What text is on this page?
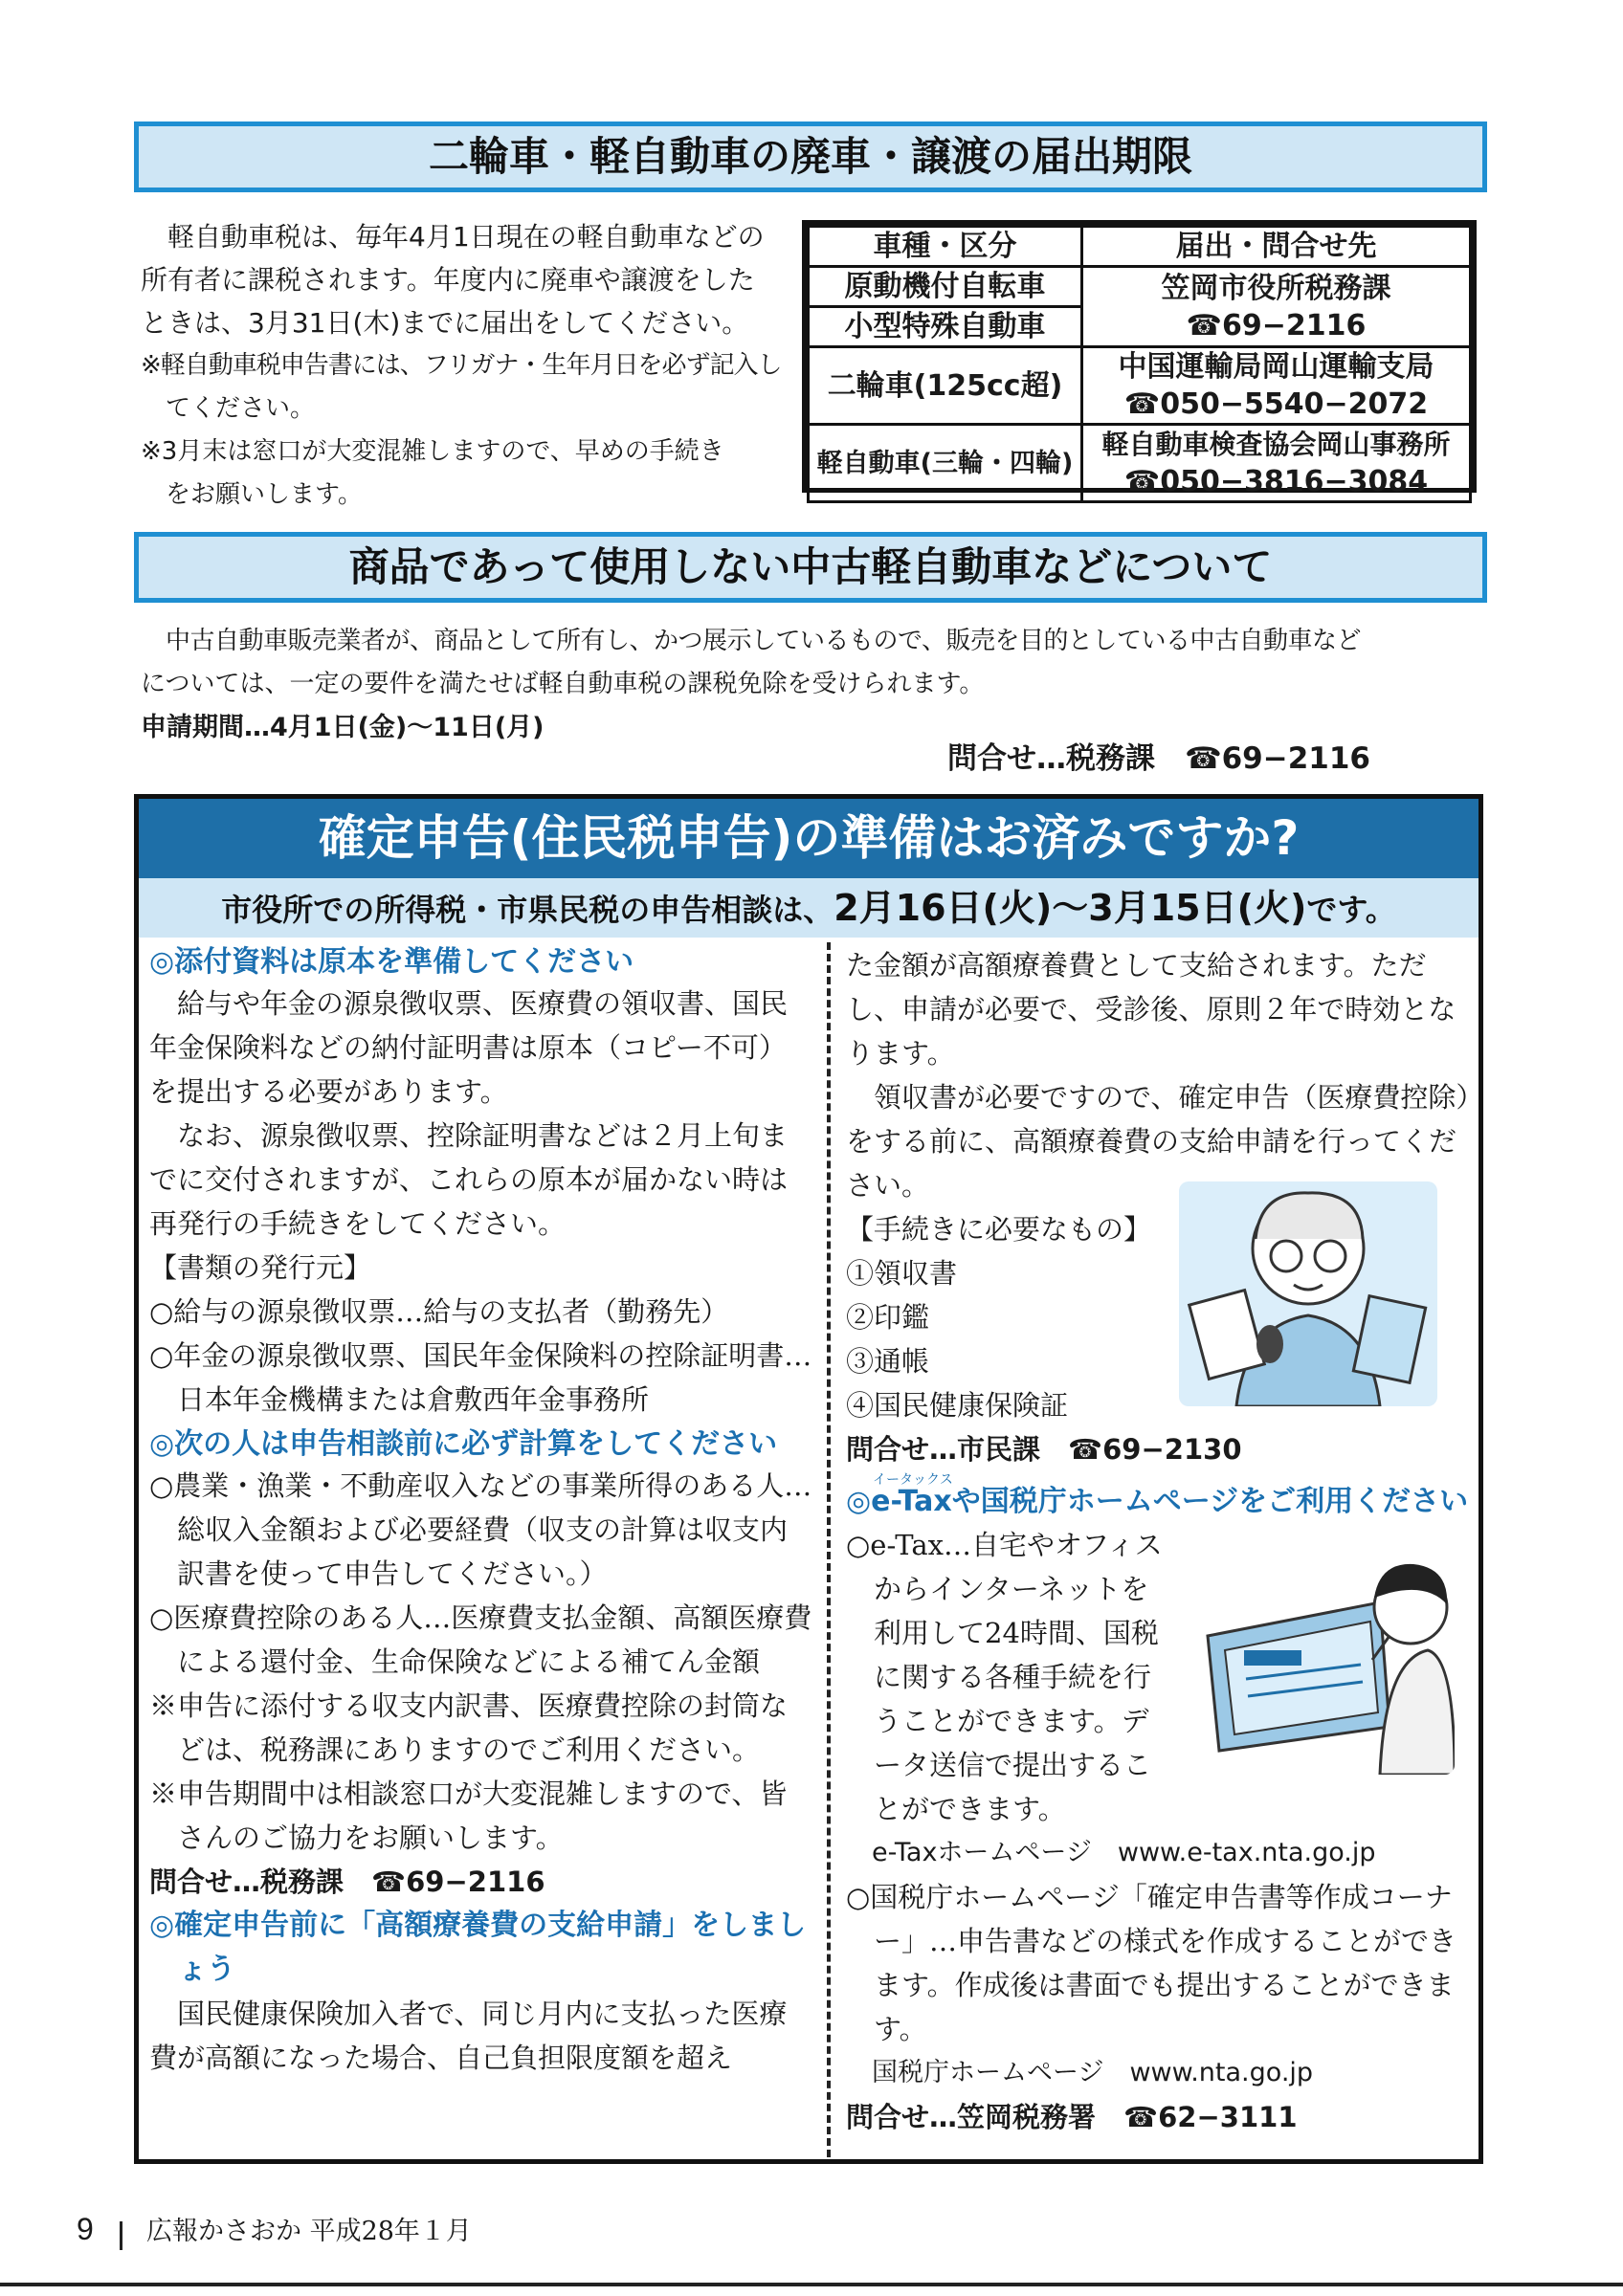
二輪車・軽自動車の廃車・譲渡の届出期限

軽自動車税は、毎年4月1日現在の軽自動車などの

所有者に課税されます。年度内に廃車や譲渡をした

ときは、3月31日(木)までに届出をしてください。

※軽自動車税申告書には、フリガナ・生年月日を必ず記入し

てください。

※3月末は窓口が大変混雑しますので、早めの手続き

をお願いします。

車種・区分	届出・問合せ先
原動機付自転車	笠岡市役所税務課
☎69−2116

小型特殊自動車	
二輪車(125cc超)	中国運輸局岡山運輸支局
☎050−5540−2072

軽自動車(三輪・四輪)	軽自動車検査協会岡山事務所
☎050−3816−3084
商品であって使用しない中古軽自動車などについて

中古自動車販売業者が、商品として所有し、かつ展示しているもので、販売を目的としている中古自動車など

については、一定の要件を満たせば軽自動車税の課税免除を受けられます。

申請期間…4月1日(金)〜11日(月)

問合せ…税務課　☎69−2116
確定申告(住民税申告)の準備はお済みですか?
市役所での所得税・市県民税の申告相談は、2月16日(火)〜3月15日(火)です。

◎添付資料は原本を準備してください

給与や年金の源泉徴収票、医療費の領収書、国民年金保険料などの納付証明書は原本（コピー不可）を提出する必要があります。

なお、源泉徴収票、控除証明書などは２月上旬までに交付されますが、これらの原本が届かない時は再発行の手続きをしてください。

【書類の発行元】

○給与の源泉徴収票…給与の支払者（勤務先）

○年金の源泉徴収票、国民年金保険料の控除証明書…日本年金機構または倉敷西年金事務所

◎次の人は申告相談前に必ず計算をしてください

○農業・漁業・不動産収入などの事業所得のある人…総収入金額および必要経費（収支の計算は収支内訳書を使って申告してください。）

○医療費控除のある人…医療費支払金額、高額医療費による還付金、生命保険などによる補てん金額

※申告に添付する収支内訳書、医療費控除の封筒などは、税務課にありますのでご利用ください。

※申告期間中は相談窓口が大変混雑しますので、皆さんのご協力をお願いします。

問合せ…税務課　☎69−2116

◎確定申告前に「高額療養費の支給申請」をしましょう

国民健康保険加入者で、同じ月内に支払った医療費が高額になった場合、自己負担限度額を超え

た金額が高額療養費として支給されます。ただし、申請が必要で、受診後、原則２年で時効となります。

領収書が必要ですので、確定申告（医療費控除）をする前に、高額療養費の支給申請を行ってください。

【手続きに必要なもの】

①領収書

②印鑑

③通帳

④国民健康保険証

問合せ…市民課　☎69−2130

イータックス

◎e-Taxや国税庁ホームページをご利用ください

○e-Tax…自宅やオフィスからインターネットを利用して24時間、国税に関する各種手続を行うことができます。データ送信で提出することができます。

e-Taxホームページ　www.e-tax.nta.go.jp

○国税庁ホームページ「確定申告書等作成コーナー」…申告書などの様式を作成することができます。作成後は書面でも提出することができます。

国税庁ホームページ　www.nta.go.jp

問合せ…笠岡税務署　☎62−3111

9 広報かさおか 平成28年１月
